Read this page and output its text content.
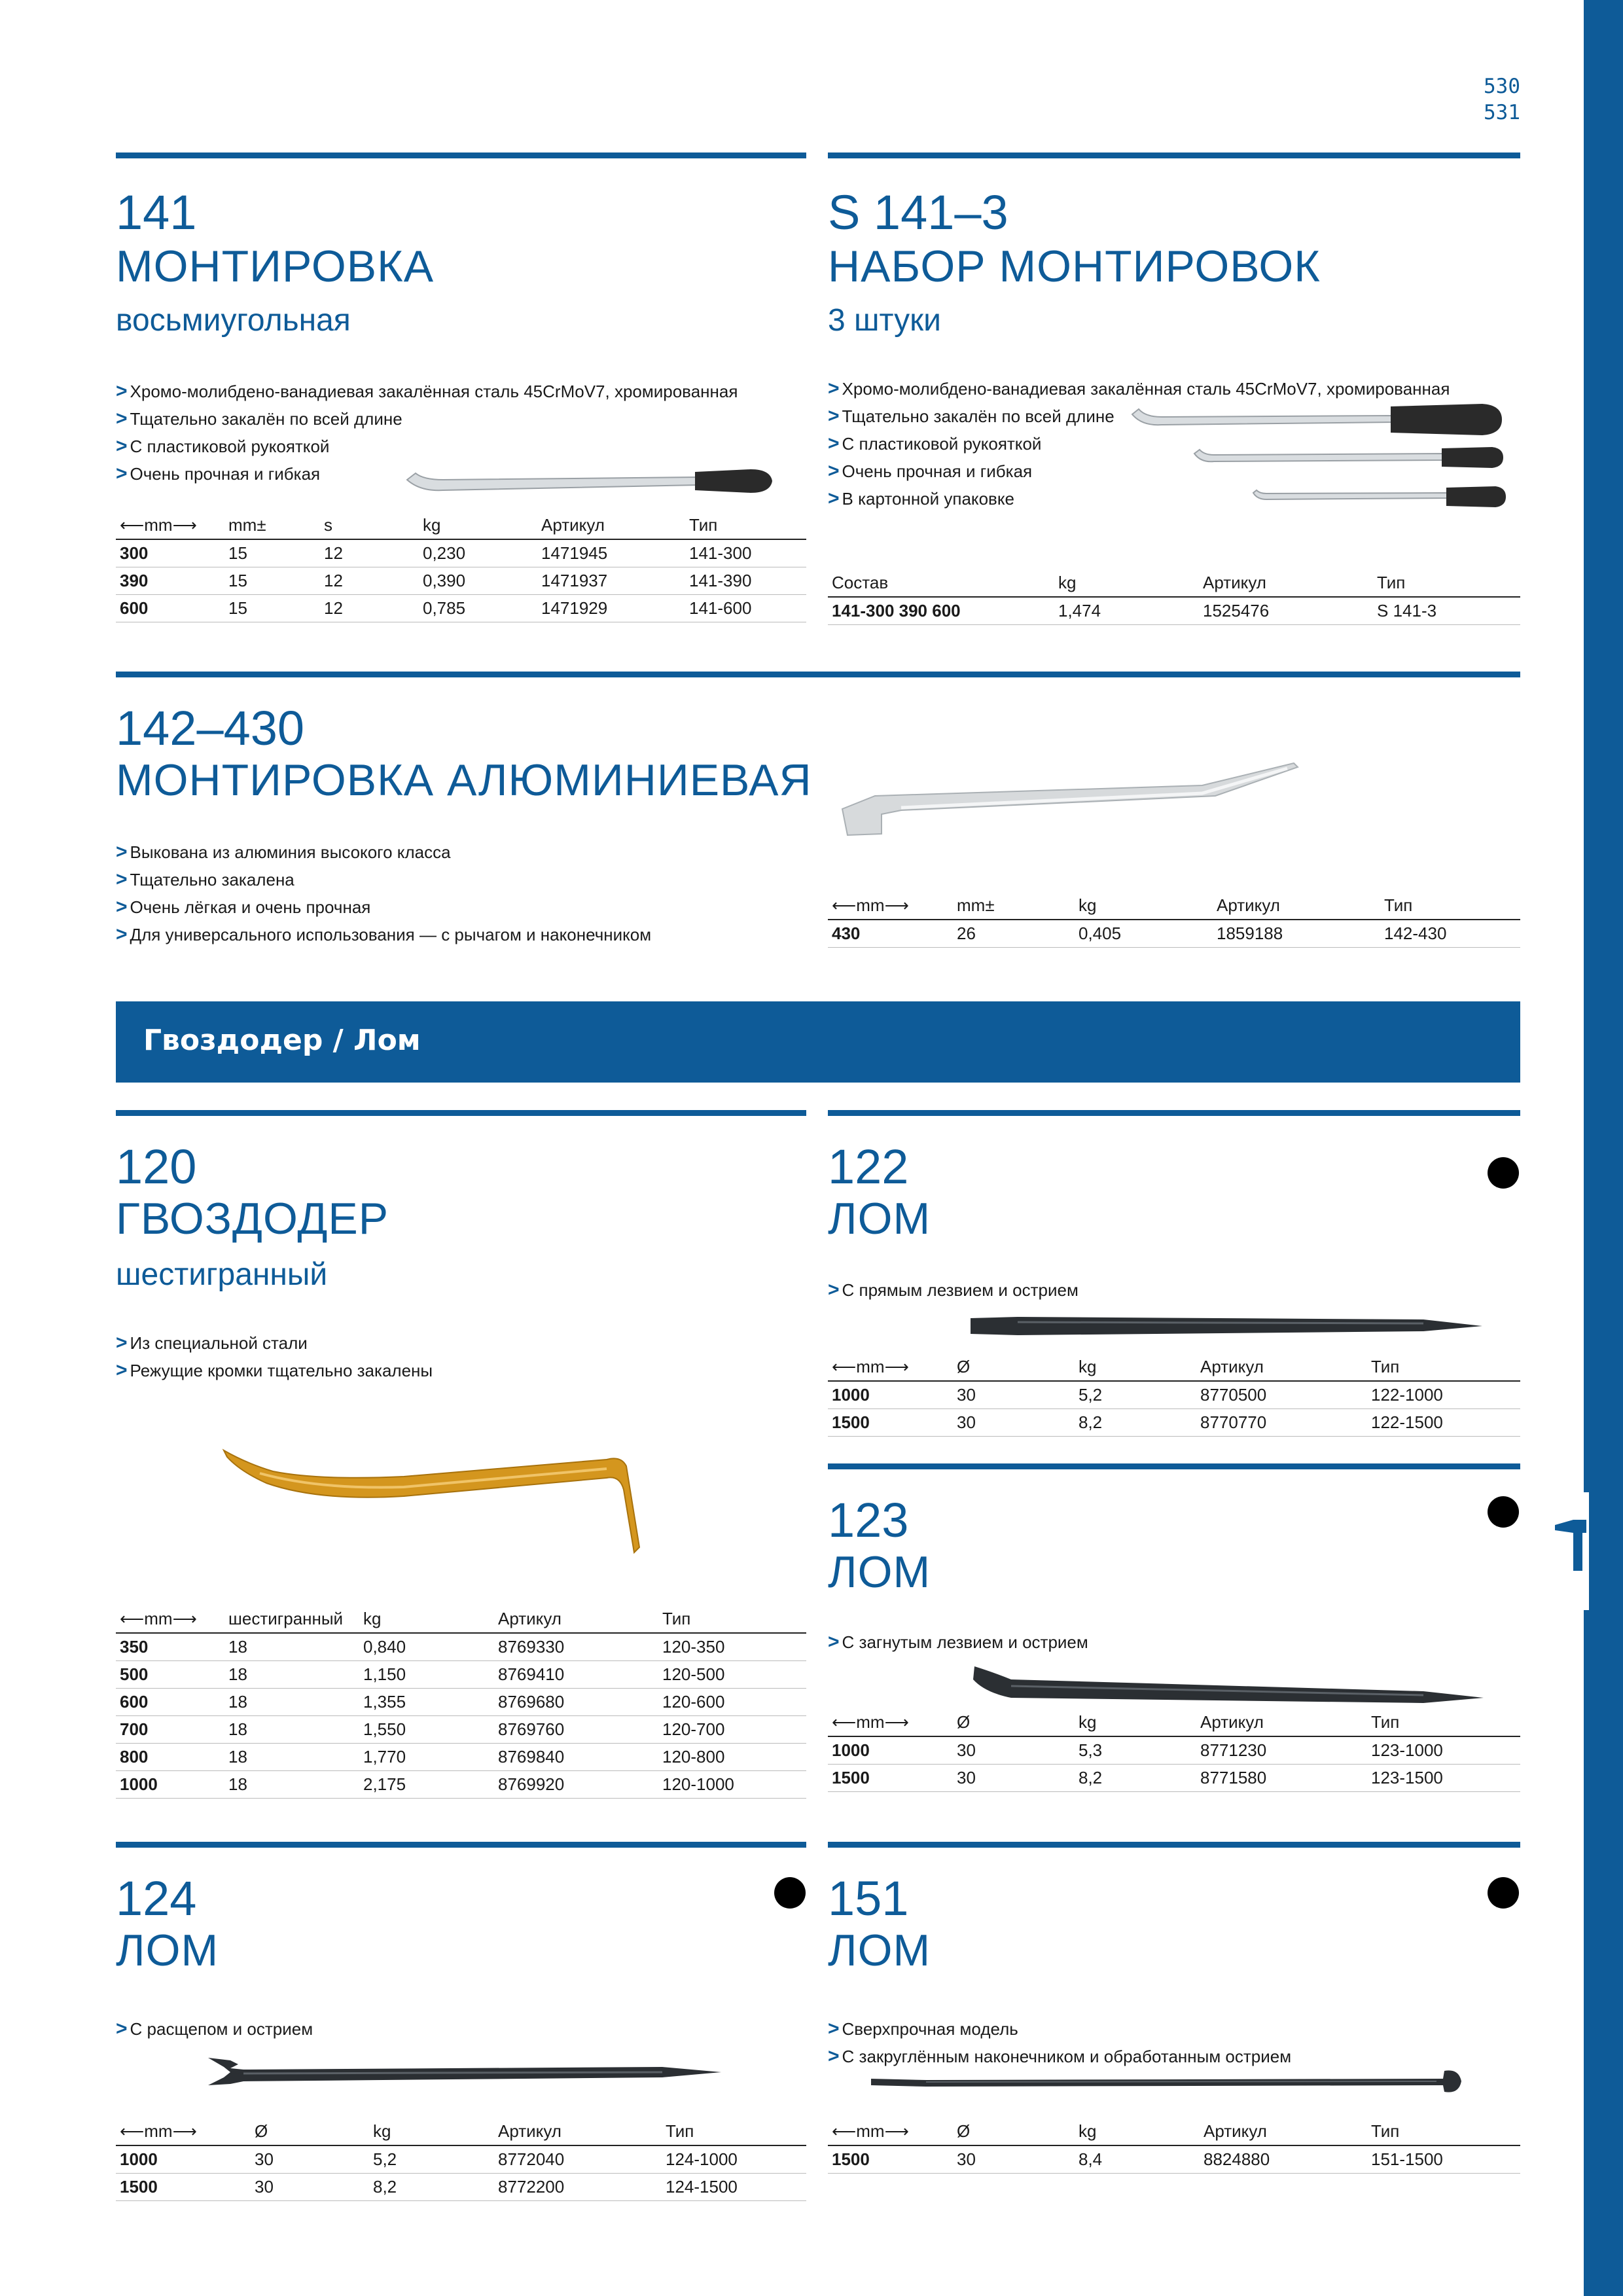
530
531
141
МОНТИРОВКА
восьмиугольная
> Хромо-молибдено-ванадиевая закалённая сталь 45CrMoV7, хромированная
> Тщательно закалён по всей длине
> С пластиковой рукояткой
> Очень прочная и гибкая
⟵mm⟶	mm±	s	kg	Артикул	Тип
300	15	12	0,230	1471945	141-300
390	15	12	0,390	1471937	141-390
600	15	12	0,785	1471929	141-600
S 141–3
НАБОР МОНТИРОВОК
3 штуки
> Хромо-молибдено-ванадиевая закалённая сталь 45CrMoV7, хромированная
> Тщательно закалён по всей длине
> С пластиковой рукояткой
> Очень прочная и гибкая
> В картонной упаковке
Состав	kg	Артикул	Тип
141-300 390 600	1,474	1525476	S 141-3
142–430
МОНТИРОВКА АЛЮМИНИЕВАЯ
> Выкована из алюминия высокого класса
> Тщательно закалена
> Очень лёгкая и очень прочная
> Для универсального использования — с рычагом и наконечником
⟵mm⟶	mm±	kg	Артикул	Тип
430	26	0,405	1859188	142-430
Гвоздодер / Лом
120
ГВОЗДОДЕР
шестигранный
> Из специальной стали
> Режущие кромки тщательно закалены
⟵mm⟶	шестигранный	kg	Артикул	Тип
350	18	0,840	8769330	120-350
500	18	1,150	8769410	120-500
600	18	1,355	8769680	120-600
700	18	1,550	8769760	120-700
800	18	1,770	8769840	120-800
1000	18	2,175	8769920	120-1000
122
ЛОМ
> С прямым лезвием и острием
⟵mm⟶	Ø	kg	Артикул	Тип
1000	30	5,2	8770500	122-1000
1500	30	8,2	8770770	122-1500
123
ЛОМ
> С загнутым лезвием и острием
⟵mm⟶	Ø	kg	Артикул	Тип
1000	30	5,3	8771230	123-1000
1500	30	8,2	8771580	123-1500
124
ЛОМ
> С расщепом и острием
⟵mm⟶	Ø	kg	Артикул	Тип
1000	30	5,2	8772040	124-1000
1500	30	8,2	8772200	124-1500
151
ЛОМ
> Сверхпрочная модель
> С закруглённым наконечником и обработанным острием
⟵mm⟶	Ø	kg	Артикул	Тип
1500	30	8,4	8824880	151-1500
